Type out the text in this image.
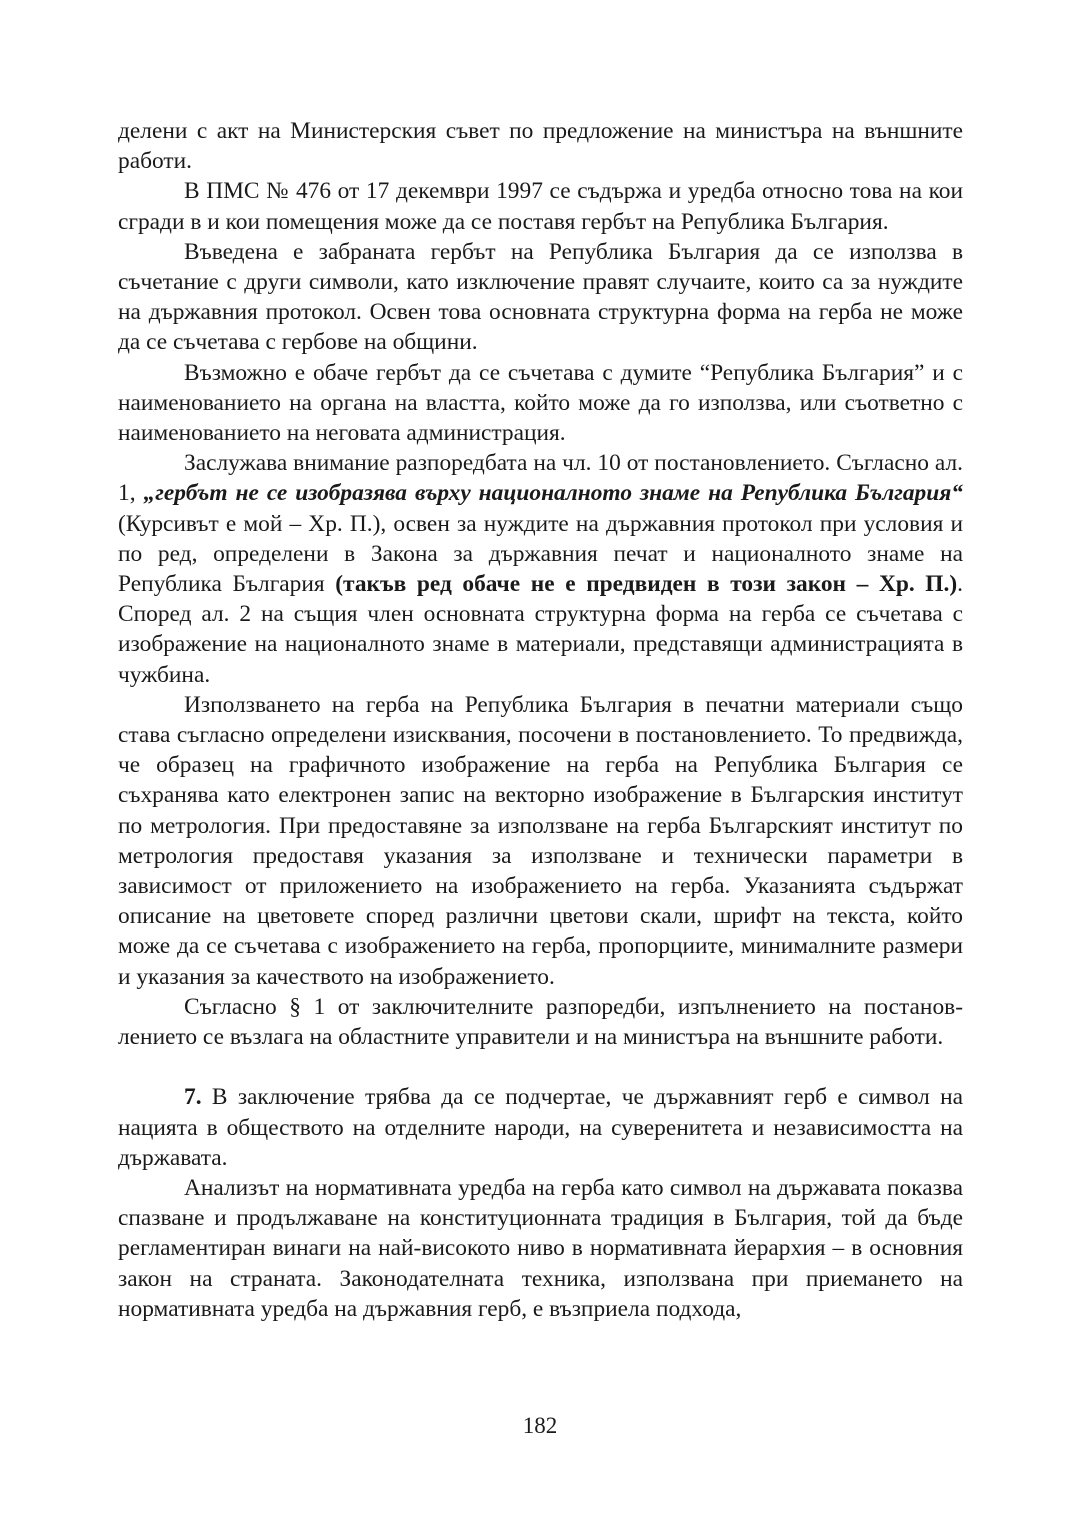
делени с акт на Министерския съвет по предложение на министъра на външните работи.

В ПМС № 476 от 17 декември 1997 се съдържа и уредба относно това на кои сгради в и кои помещения може да се поставя гербът на Република България.

Въведена е забраната гербът на Република България да се използва в съчетание с други символи, като изключение правят случаите, които са за нуждите на държавния протокол. Освен това основната структурна форма на герба не може да се съчетава с гербове на общини.

Възможно е обаче гербът да се съчетава с думите “Република България” и с наименованието на органа на властта, който може да го използва, или съответно с наименованието на неговата администрация.

Заслужава внимание разпоредбата на чл. 10 от постановлението. Съгласно ал. 1, „гербът не се изобразява върху националното знаме на Република България“ (Курсивът е мой – Хр. П.), освен за нуждите на държавния протокол при условия и по ред, определени в Закона за държавния печат и националното знаме на Република България (такъв ред обаче не е предвиден в този закон – Хр. П.). Според ал. 2 на същия член основната структурна форма на герба се съчетава с изображение на националното знаме в материали, представящи администрацията в чужбина.

Използването на герба на Република България в печатни материали също става съгласно определени изисквания, посочени в постановлението. То предвижда, че образец на графичното изображение на герба на Република България се съхранява като електронен запис на векторно изображение в Българския институт по метрология. При предоставяне за използване на герба Българският институт по метрология предоставя указания за използване и технически параметри в зависимост от приложението на изображението на герба. Указанията съдържат описание на цветовете според различни цветови скали, шрифт на текста, който може да се съчетава с изображението на герба, пропорциите, минималните размери и указания за качеството на изображението.

Съгласно § 1 от заключителните разпоредби, изпълнението на постановлението се възлага на областните управители и на министъра на външните работи.

7. В заключение трябва да се подчертае, че държавният герб е символ на нацията в обществото на отделните народи, на суверенитета и независимостта на държавата.

Анализът на нормативната уредба на герба като символ на държавата показва спазване и продължаване на конституционната традиция в България, той да бъде регламентиран винаги на най-високото ниво в нормативната йерархия – в основния закон на страната. Законодателната техника, използвана при приемането на нормативната уредба на държавния герб, е възприела подхода,

182
